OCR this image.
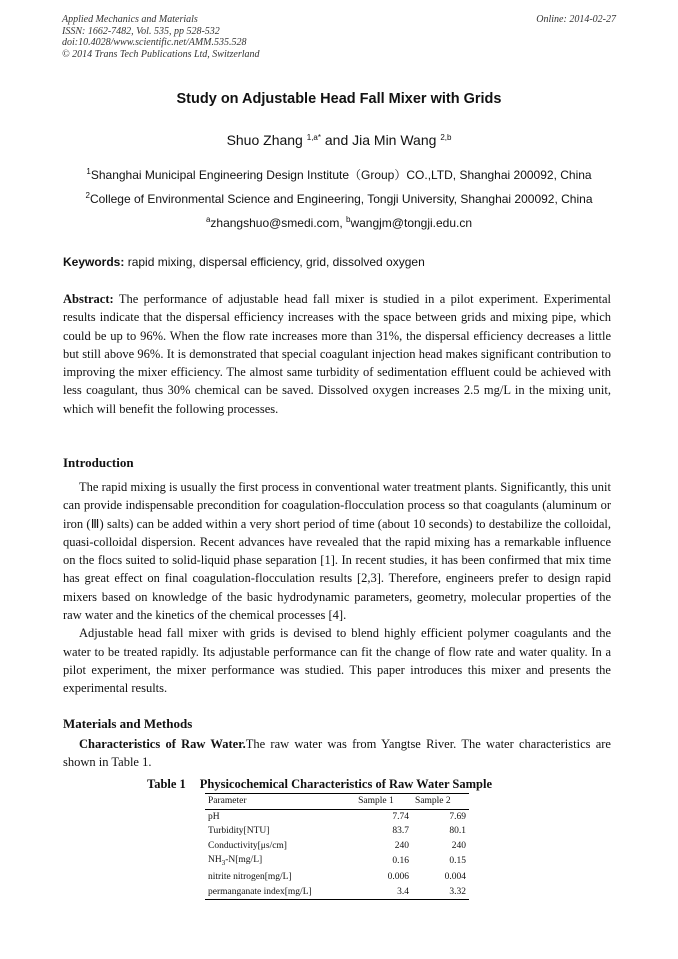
Applied Mechanics and Materials
ISSN: 1662-7482, Vol. 535, pp 528-532
doi:10.4028/www.scientific.net/AMM.535.528
© 2014 Trans Tech Publications Ltd, Switzerland
Online: 2014-02-27
Study on Adjustable Head Fall Mixer with Grids
Shuo Zhang $^{1,a*}$ and Jia Min Wang $^{2,b}$
$^1$Shanghai Municipal Engineering Design Institute（Group）CO.,LTD, Shanghai 200092, China
$^2$College of Environmental Science and Engineering, Tongji University, Shanghai 200092, China
$^a$zhangshuo@smedi.com, $^b$wangjm@tongji.edu.cn
Keywords: rapid mixing, dispersal efficiency, grid, dissolved oxygen

Abstract: The performance of adjustable head fall mixer is studied in a pilot experiment. Experimental results indicate that the dispersal efficiency increases with the space between grids and mixing pipe, which could be up to 96%. When the flow rate increases more than 31%, the dispersal efficiency decreases a little but still above 96%. It is demonstrated that special coagulant injection head makes significant contribution to improving the mixer efficiency. The almost same turbidity of sedimentation effluent could be achieved with less coagulant, thus 30% chemical can be saved. Dissolved oxygen increases 2.5 mg/L in the mixing unit, which will benefit the following processes.

Introduction

The rapid mixing is usually the first process in conventional water treatment plants. Significantly, this unit can provide indispensable precondition for coagulation-flocculation process so that coagulants (aluminum or iron (Ⅲ) salts) can be added within a very short period of time (about 10 seconds) to destabilize the colloidal, quasi-colloidal dispersion. Recent advances have revealed that the rapid mixing has a remarkable influence on the flocs suited to solid-liquid phase separation [1]. In recent studies, it has been confirmed that mix time has great effect on final coagulation-flocculation results [2,3]. Therefore, engineers prefer to design rapid mixers based on knowledge of the basic hydrodynamic parameters, geometry, molecular properties of the raw water and the kinetics of the chemical processes [4].

Adjustable head fall mixer with grids is devised to blend highly efficient polymer coagulants and the water to be treated rapidly. Its adjustable performance can fit the change of flow rate and water quality. In a pilot experiment, the mixer performance was studied. This paper introduces this mixer and presents the experimental results.

Materials and Methods

Characteristics of Raw Water.The raw water was from Yangtse River. The water characteristics are shown in Table 1.

Table 1 Physicochemical Characteristics of Raw Water Sample
Parameter	Sample 1	Sample 2
pH	7.74	7.69
Turbidity[NTU]	83.7	80.1
Conductivity[μs/cm]	240	240
$NH_3-N[mg/L]$	0.16	0.15
nitrite nitrogen[mg/L]	0.006	0.004
permanganate index[mg/L]	3.4	3.32
